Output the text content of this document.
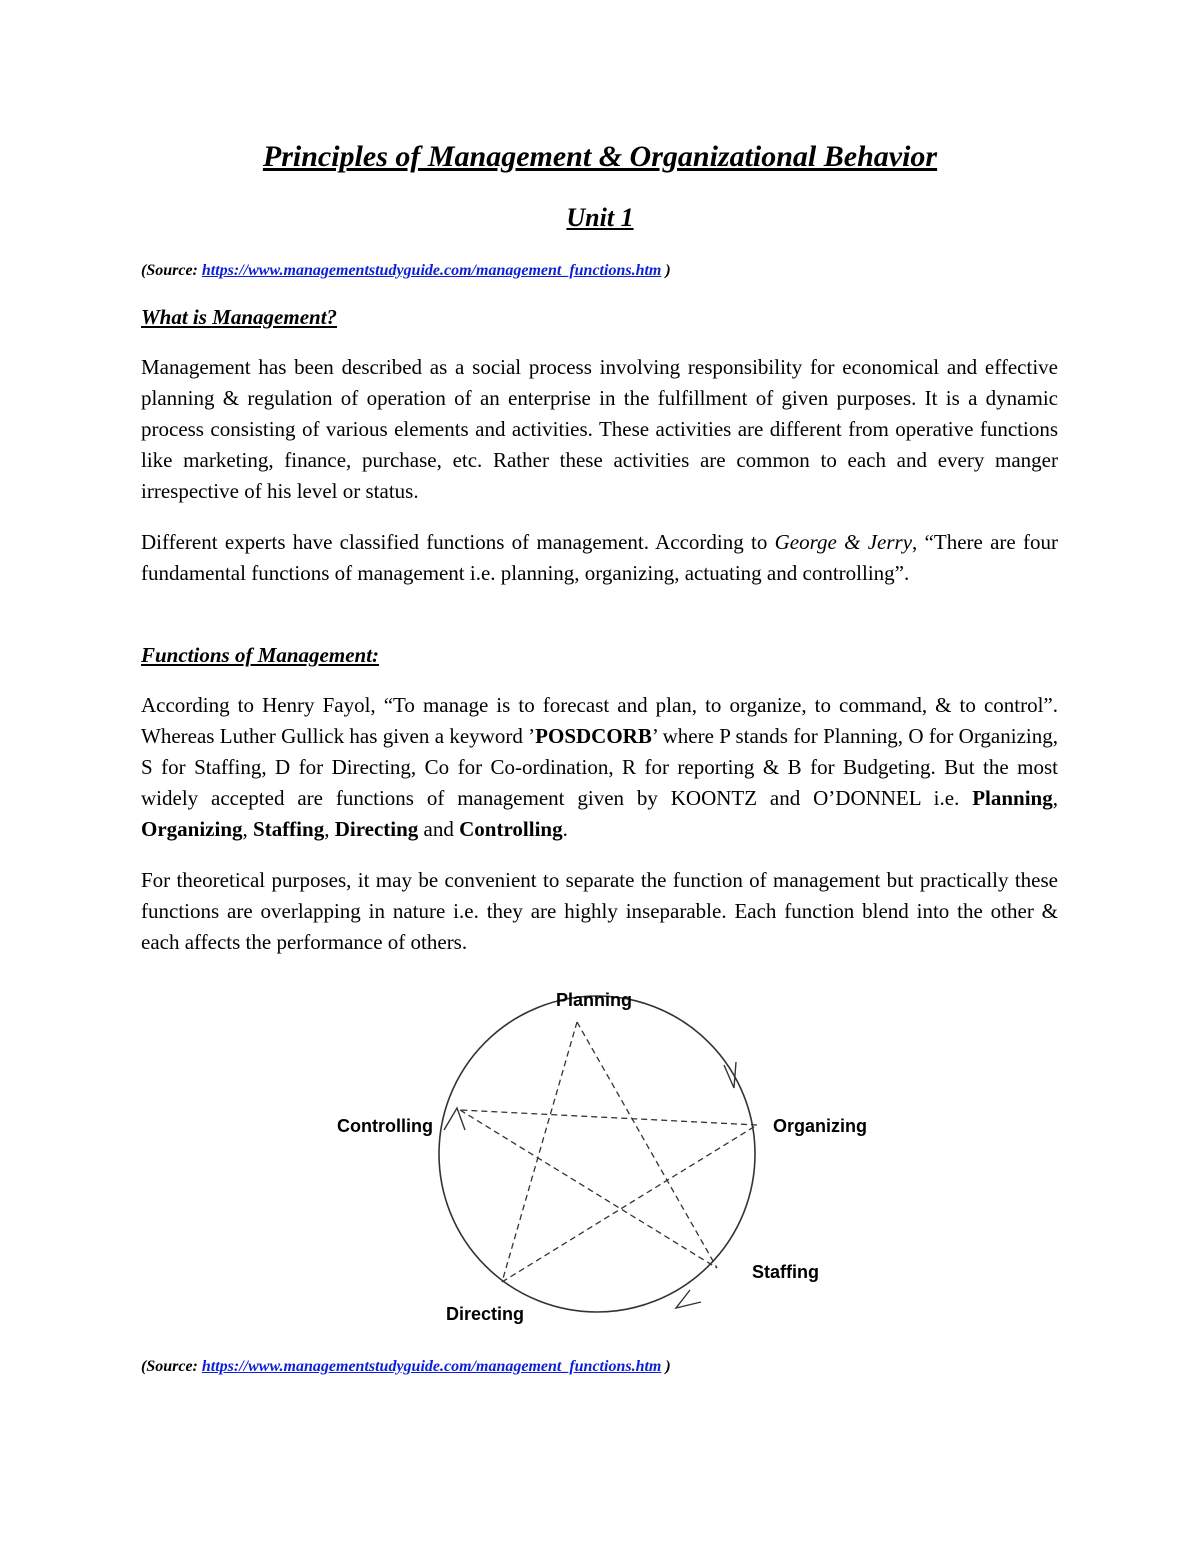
Principles of Management & Organizational Behavior
Unit 1
(Source: https://www.managementstudyguide.com/management_functions.htm )
What is Management?
Management has been described as a social process involving responsibility for economical and effective planning & regulation of operation of an enterprise in the fulfillment of given purposes. It is a dynamic process consisting of various elements and activities. These activities are different from operative functions like marketing, finance, purchase, etc. Rather these activities are common to each and every manger irrespective of his level or status.
Different experts have classified functions of management. According to George & Jerry, “There are four fundamental functions of management i.e. planning, organizing, actuating and controlling”.
Functions of Management:
According to Henry Fayol, “To manage is to forecast and plan, to organize, to command, & to control”. Whereas Luther Gullick has given a keyword ’POSDCORB’ where P stands for Planning, O for Organizing, S for Staffing, D for Directing, Co for Co-ordination, R for reporting & B for Budgeting. But the most widely accepted are functions of management given by KOONTZ and O’DONNEL i.e. Planning, Organizing, Staffing, Directing and Controlling.
For theoretical purposes, it may be convenient to separate the function of management but practically these functions are overlapping in nature i.e. they are highly inseparable. Each function blend into the other & each affects the performance of others.
Planning
Organizing
Staffing
Directing
Controlling
(Source: https://www.managementstudyguide.com/management_functions.htm )
